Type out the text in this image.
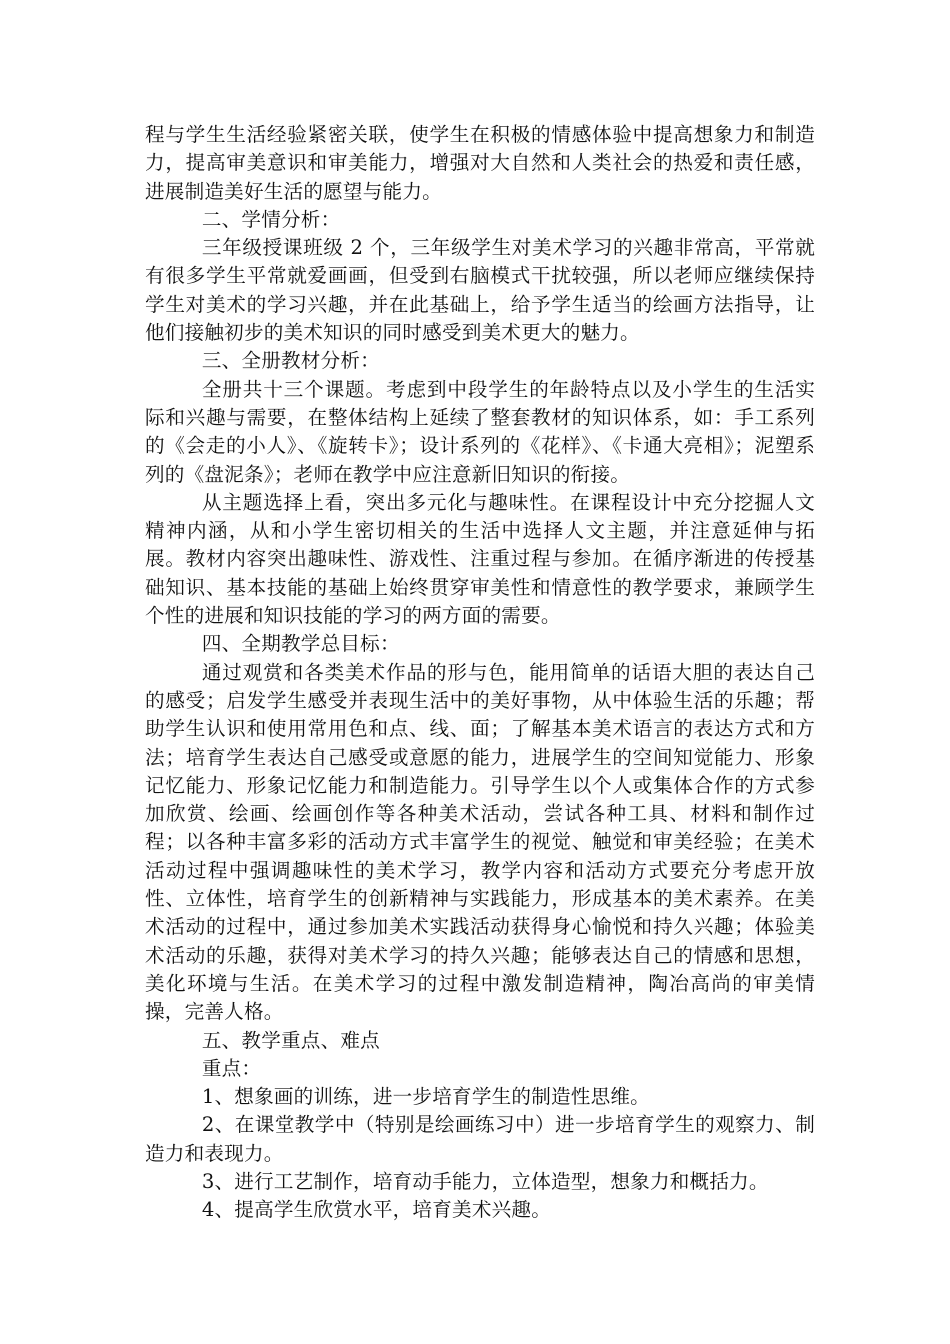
程与学生生活经验紧密关联，使学生在积极的情感体验中提高想象力和制造力，提高审美意识和审美能力，增强对大自然和人类社会的热爱和责任感，进展制造美好生活的愿望与能力。

二、学情分析：

三年级授课班级 2 个，三年级学生对美术学习的兴趣非常高，平常就有很多学生平常就爱画画，但受到右脑模式干扰较强，所以老师应继续保持学生对美术的学习兴趣，并在此基础上，给予学生适当的绘画方法指导，让他们接触初步的美术知识的同时感受到美术更大的魅力。

三、全册教材分析：

全册共十三个课题。考虑到中段学生的年龄特点以及小学生的生活实际和兴趣与需要，在整体结构上延续了整套教材的知识体系，如：手工系列的《会走的小人》、《旋转卡》；设计系列的《花样》、《卡通大亮相》；泥塑系列的《盘泥条》；老师在教学中应注意新旧知识的衔接。

从主题选择上看，突出多元化与趣味性。在课程设计中充分挖掘人文精神内涵，从和小学生密切相关的生活中选择人文主题，并注意延伸与拓展。教材内容突出趣味性、游戏性、注重过程与参加。在循序渐进的传授基础知识、基本技能的基础上始终贯穿审美性和情意性的教学要求，兼顾学生个性的进展和知识技能的学习的两方面的需要。

四、全期教学总目标：

通过观赏和各类美术作品的形与色，能用简单的话语大胆的表达自己的感受；启发学生感受并表现生活中的美好事物，从中体验生活的乐趣；帮助学生认识和使用常用色和点、线、面；了解基本美术语言的表达方式和方法；培育学生表达自己感受或意愿的能力，进展学生的空间知觉能力、形象记忆能力、形象记忆能力和制造能力。引导学生以个人或集体合作的方式参加欣赏、绘画、绘画创作等各种美术活动，尝试各种工具、材料和制作过程；以各种丰富多彩的活动方式丰富学生的视觉、触觉和审美经验；在美术活动过程中强调趣味性的美术学习，教学内容和活动方式要充分考虑开放性、立体性，培育学生的创新精神与实践能力，形成基本的美术素养。在美术活动的过程中，通过参加美术实践活动获得身心愉悦和持久兴趣；体验美术活动的乐趣，获得对美术学习的持久兴趣；能够表达自己的情感和思想，美化环境与生活。在美术学习的过程中激发制造精神，陶冶高尚的审美情操，完善人格。

五、教学重点、难点

重点：

1、想象画的训练，进一步培育学生的制造性思维。

2、在课堂教学中（特别是绘画练习中）进一步培育学生的观察力、制造力和表现力。

3、进行工艺制作，培育动手能力，立体造型，想象力和概括力。

4、提高学生欣赏水平，培育美术兴趣。
